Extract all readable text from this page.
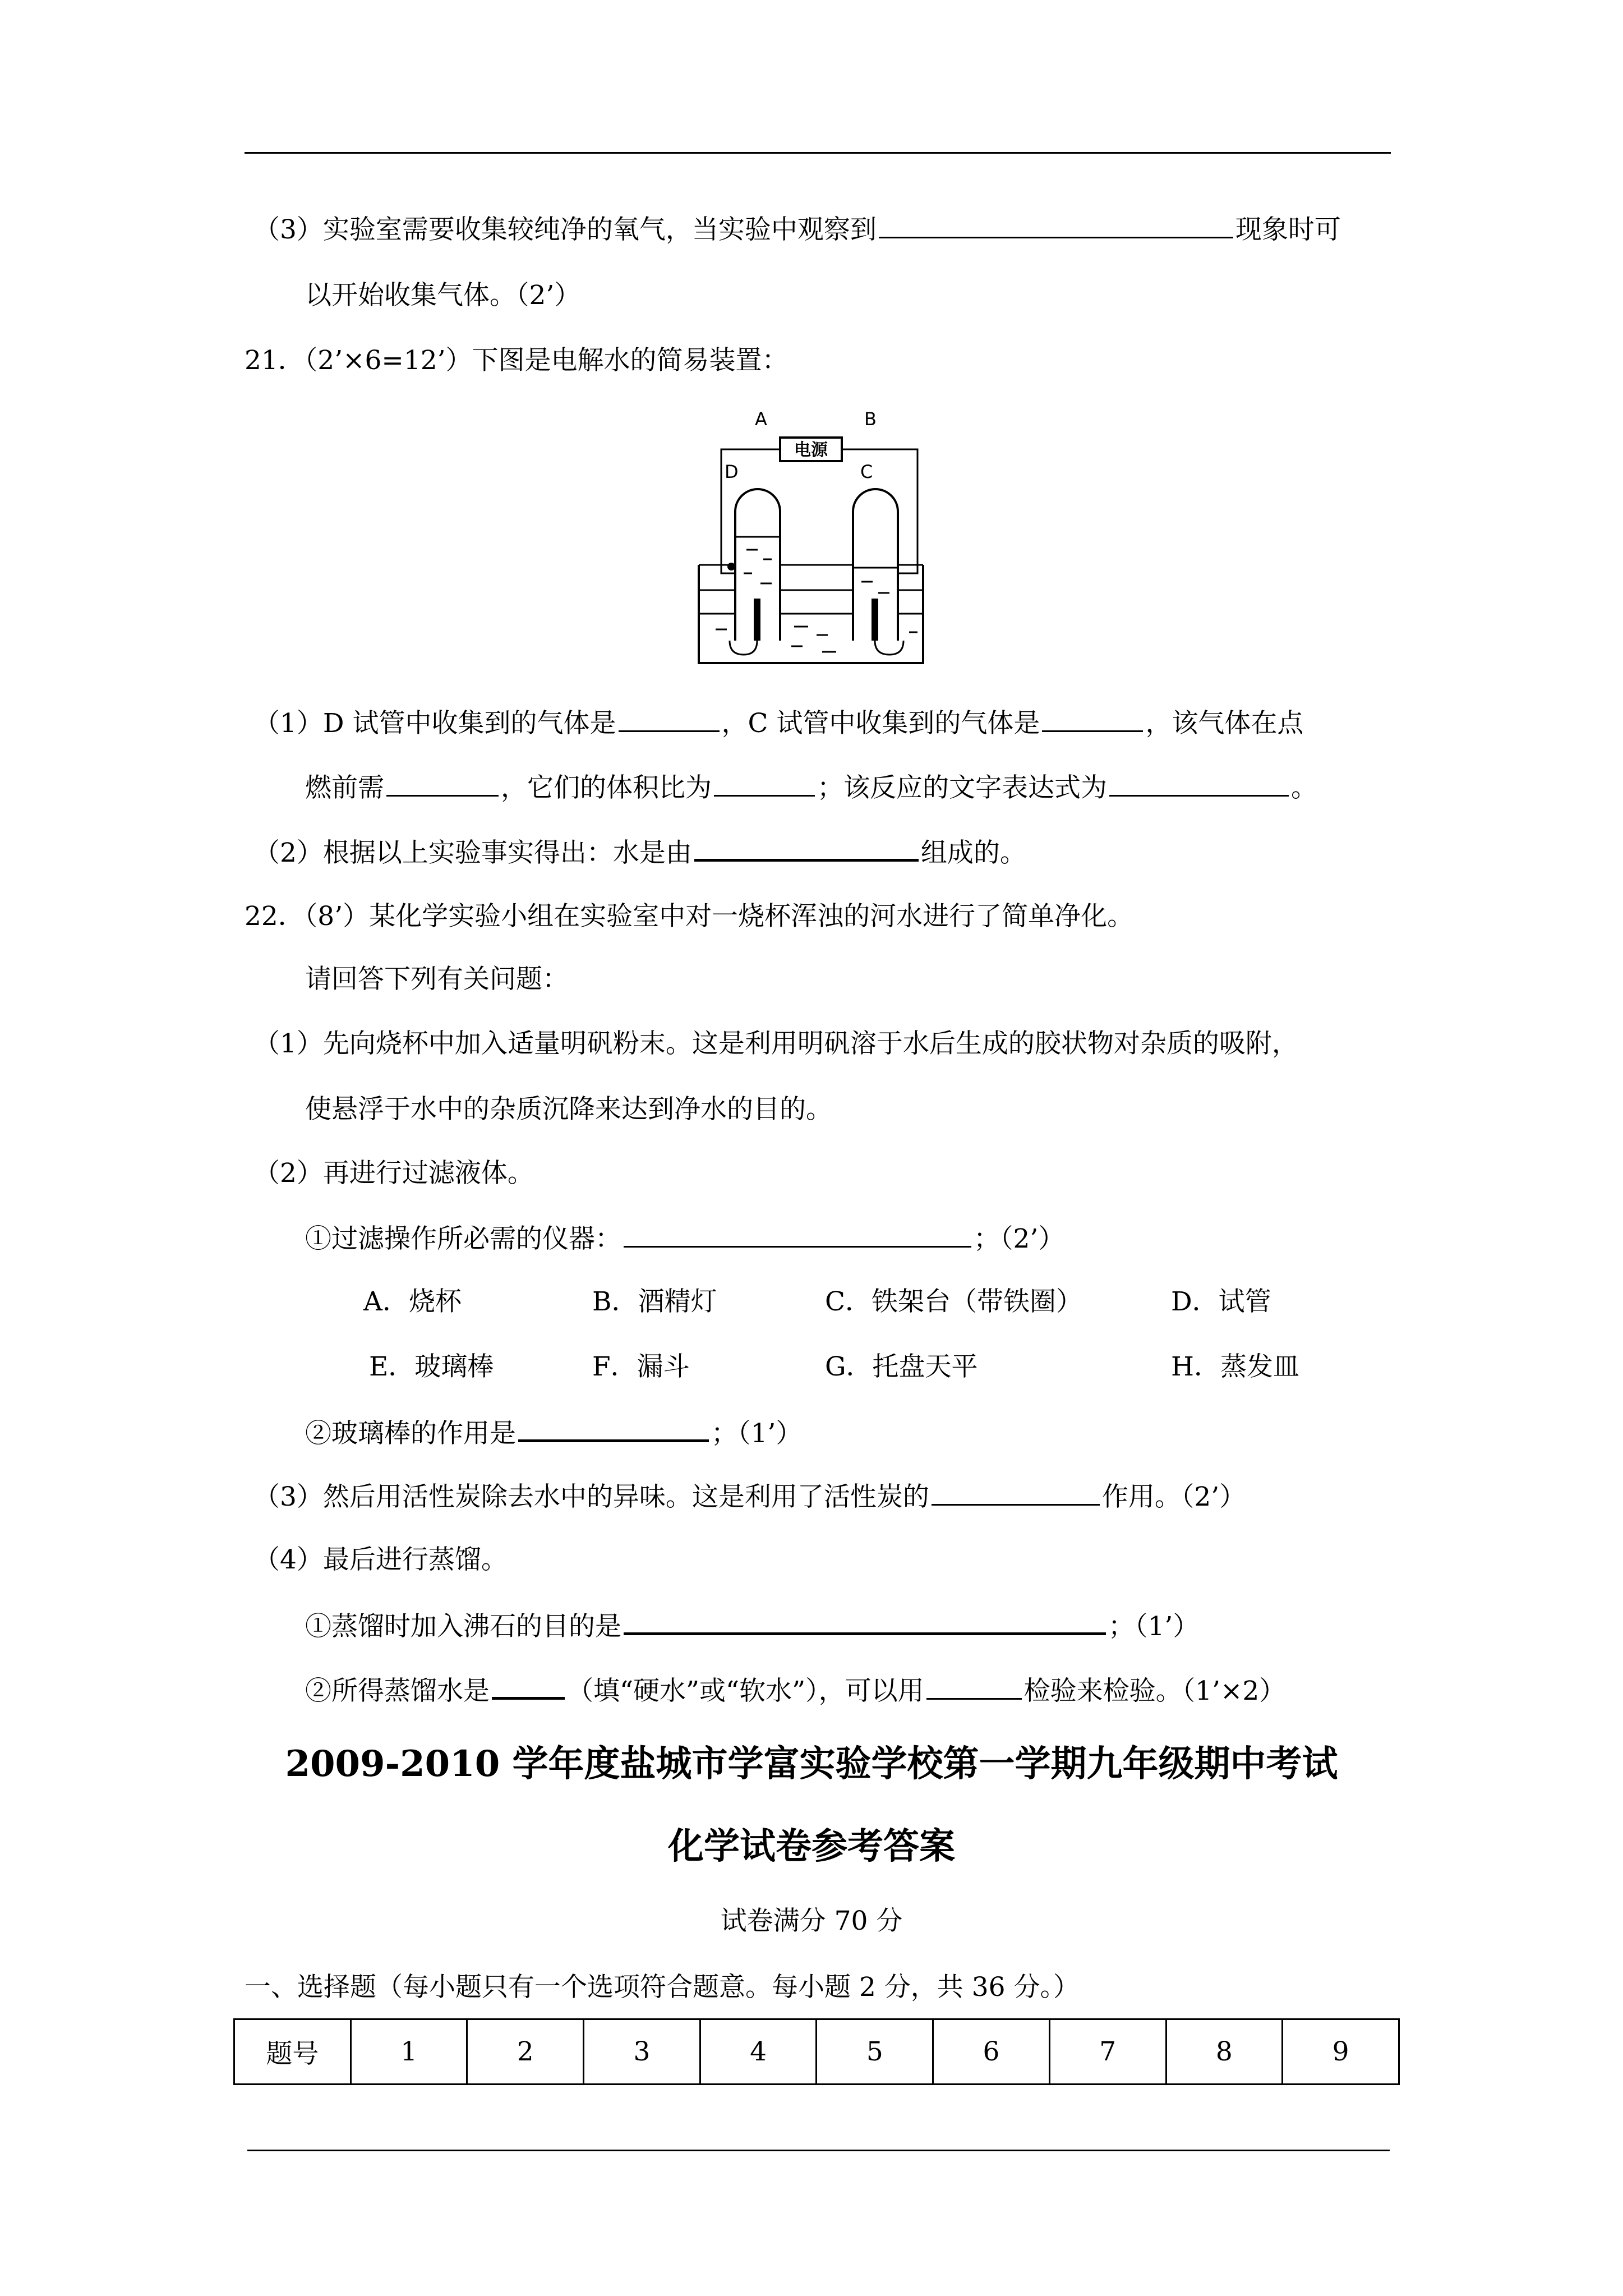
（3）实验室需要收集较纯净的氧气，当实验中观察到	现象时可
以开始收集气体。（2’）
21．（2’×6=12’）下图是电解水的简易装置：
A	B
D	C
电源
（1）D 试管中收集到的气体是	，C 试管中收集到的气体是	，该气体在点
燃前需	，它们的体积比为	；该反应的文字表达式为	。
（2）根据以上实验事实得出：水是由	组成的。
22．（8’）某化学实验小组在实验室中对一烧杯浑浊的河水进行了简单净化。
请回答下列有关问题：
（1）先向烧杯中加入适量明矾粉末。这是利用明矾溶于水后生成的胶状物对杂质的吸附，
使悬浮于水中的杂质沉降来达到净水的目的。
（2）再进行过滤液体。
①过滤操作所必需的仪器：	；（2’）
A．烧杯	B．酒精灯	C．铁架台（带铁圈）	D．试管
E．玻璃棒	F．漏斗	G．托盘天平	H．蒸发皿
②玻璃棒的作用是	；（1’）
（3）然后用活性炭除去水中的异味。这是利用了活性炭的	作用。（2’）
（4）最后进行蒸馏。
①蒸馏时加入沸石的目的是	；（1’）
②所得蒸馏水是	（填“硬水”或“软水”），可以用	检验来检验。（1’×2）
2009-2010 学年度盐城市学富实验学校第一学期九年级期中考试
化学试卷参考答案
试卷满分 70 分
一、选择题（每小题只有一个选项符合题意。每小题 2 分，共 36 分。）
题号	1	2	3	4	5	6	7	8	9
